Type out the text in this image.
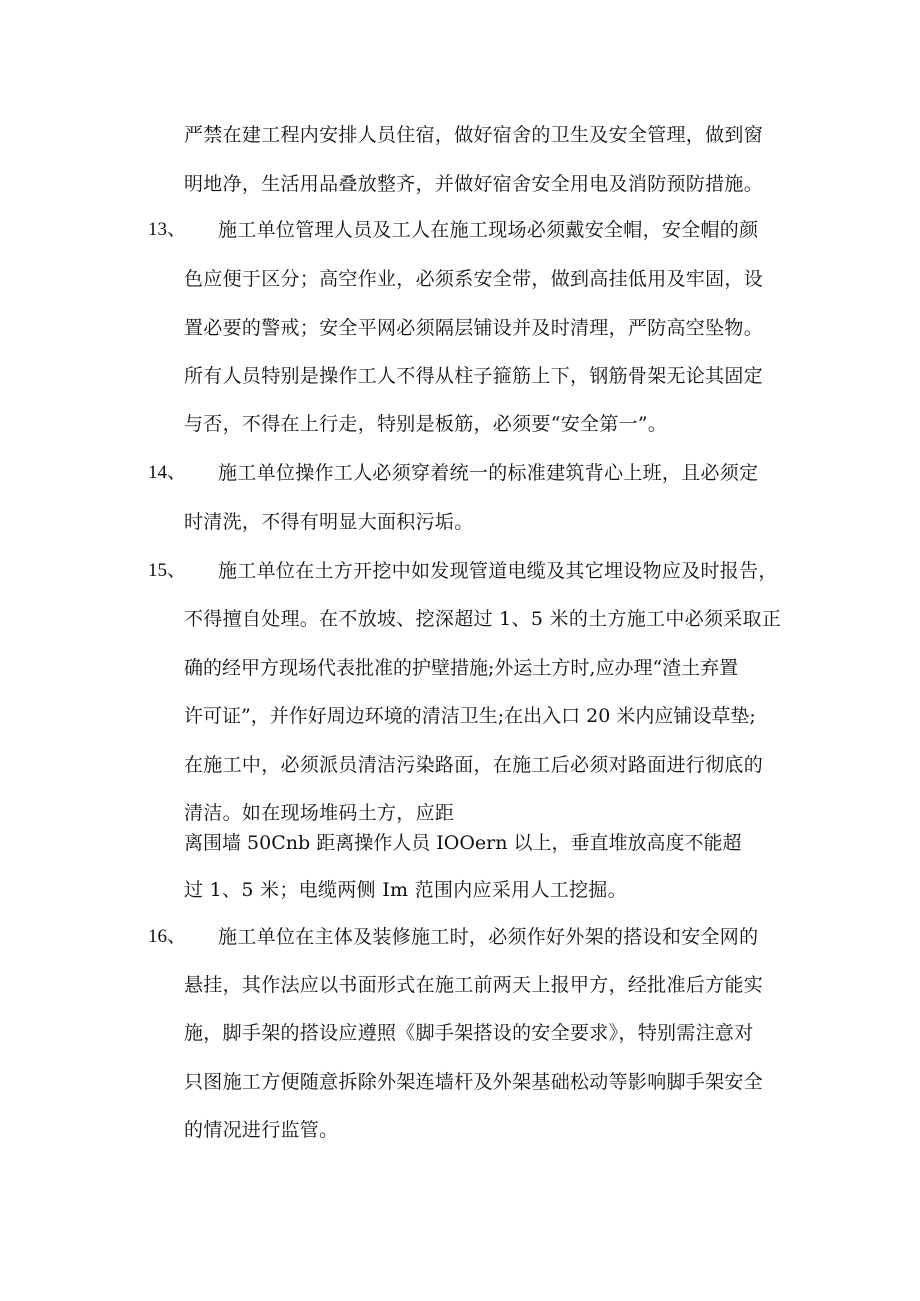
严禁在建工程内安排人员住宿，做好宿舍的卫生及安全管理，做到窗
明地净，生活用品叠放整齐，并做好宿舍安全用电及消防预防措施。
13、 施工单位管理人员及工人在施工现场必须戴安全帽，安全帽的颜
色应便于区分；高空作业，必须系安全带，做到高挂低用及牢固，设
置必要的警戒；安全平网必须隔层铺设并及时清理，严防高空坠物。
所有人员特别是操作工人不得从柱子箍筋上下，钢筋骨架无论其固定
与否，不得在上行走，特别是板筋，必须要“安全第一”。
14、 施工单位操作工人必须穿着统一的标准建筑背心上班，且必须定
时清洗，不得有明显大面积污垢。
15、 施工单位在土方开挖中如发现管道电缆及其它埋设物应及时报告，
不得擅自处理。在不放坡、挖深超过 1、5 米的土方施工中必须采取正
确的经甲方现场代表批准的护壁措施;外运土方时,应办理“渣土弃置
许可证”，并作好周边环境的清洁卫生;在出入口 20 米内应铺设草垫;
在施工中，必须派员清洁污染路面，在施工后必须对路面进行彻底的
清洁。如在现场堆码土方，应距
离围墙 50Cnb 距离操作人员 IOOern 以上，垂直堆放高度不能超
过 1、5 米；电缆两侧 Im 范围内应采用人工挖掘。
16、 施工单位在主体及装修施工时，必须作好外架的搭设和安全网的
悬挂，其作法应以书面形式在施工前两天上报甲方，经批准后方能实
施，脚手架的搭设应遵照《脚手架搭设的安全要求》，特别需注意对
只图施工方便随意拆除外架连墙杆及外架基础松动等影响脚手架安全
的情况进行监管。
